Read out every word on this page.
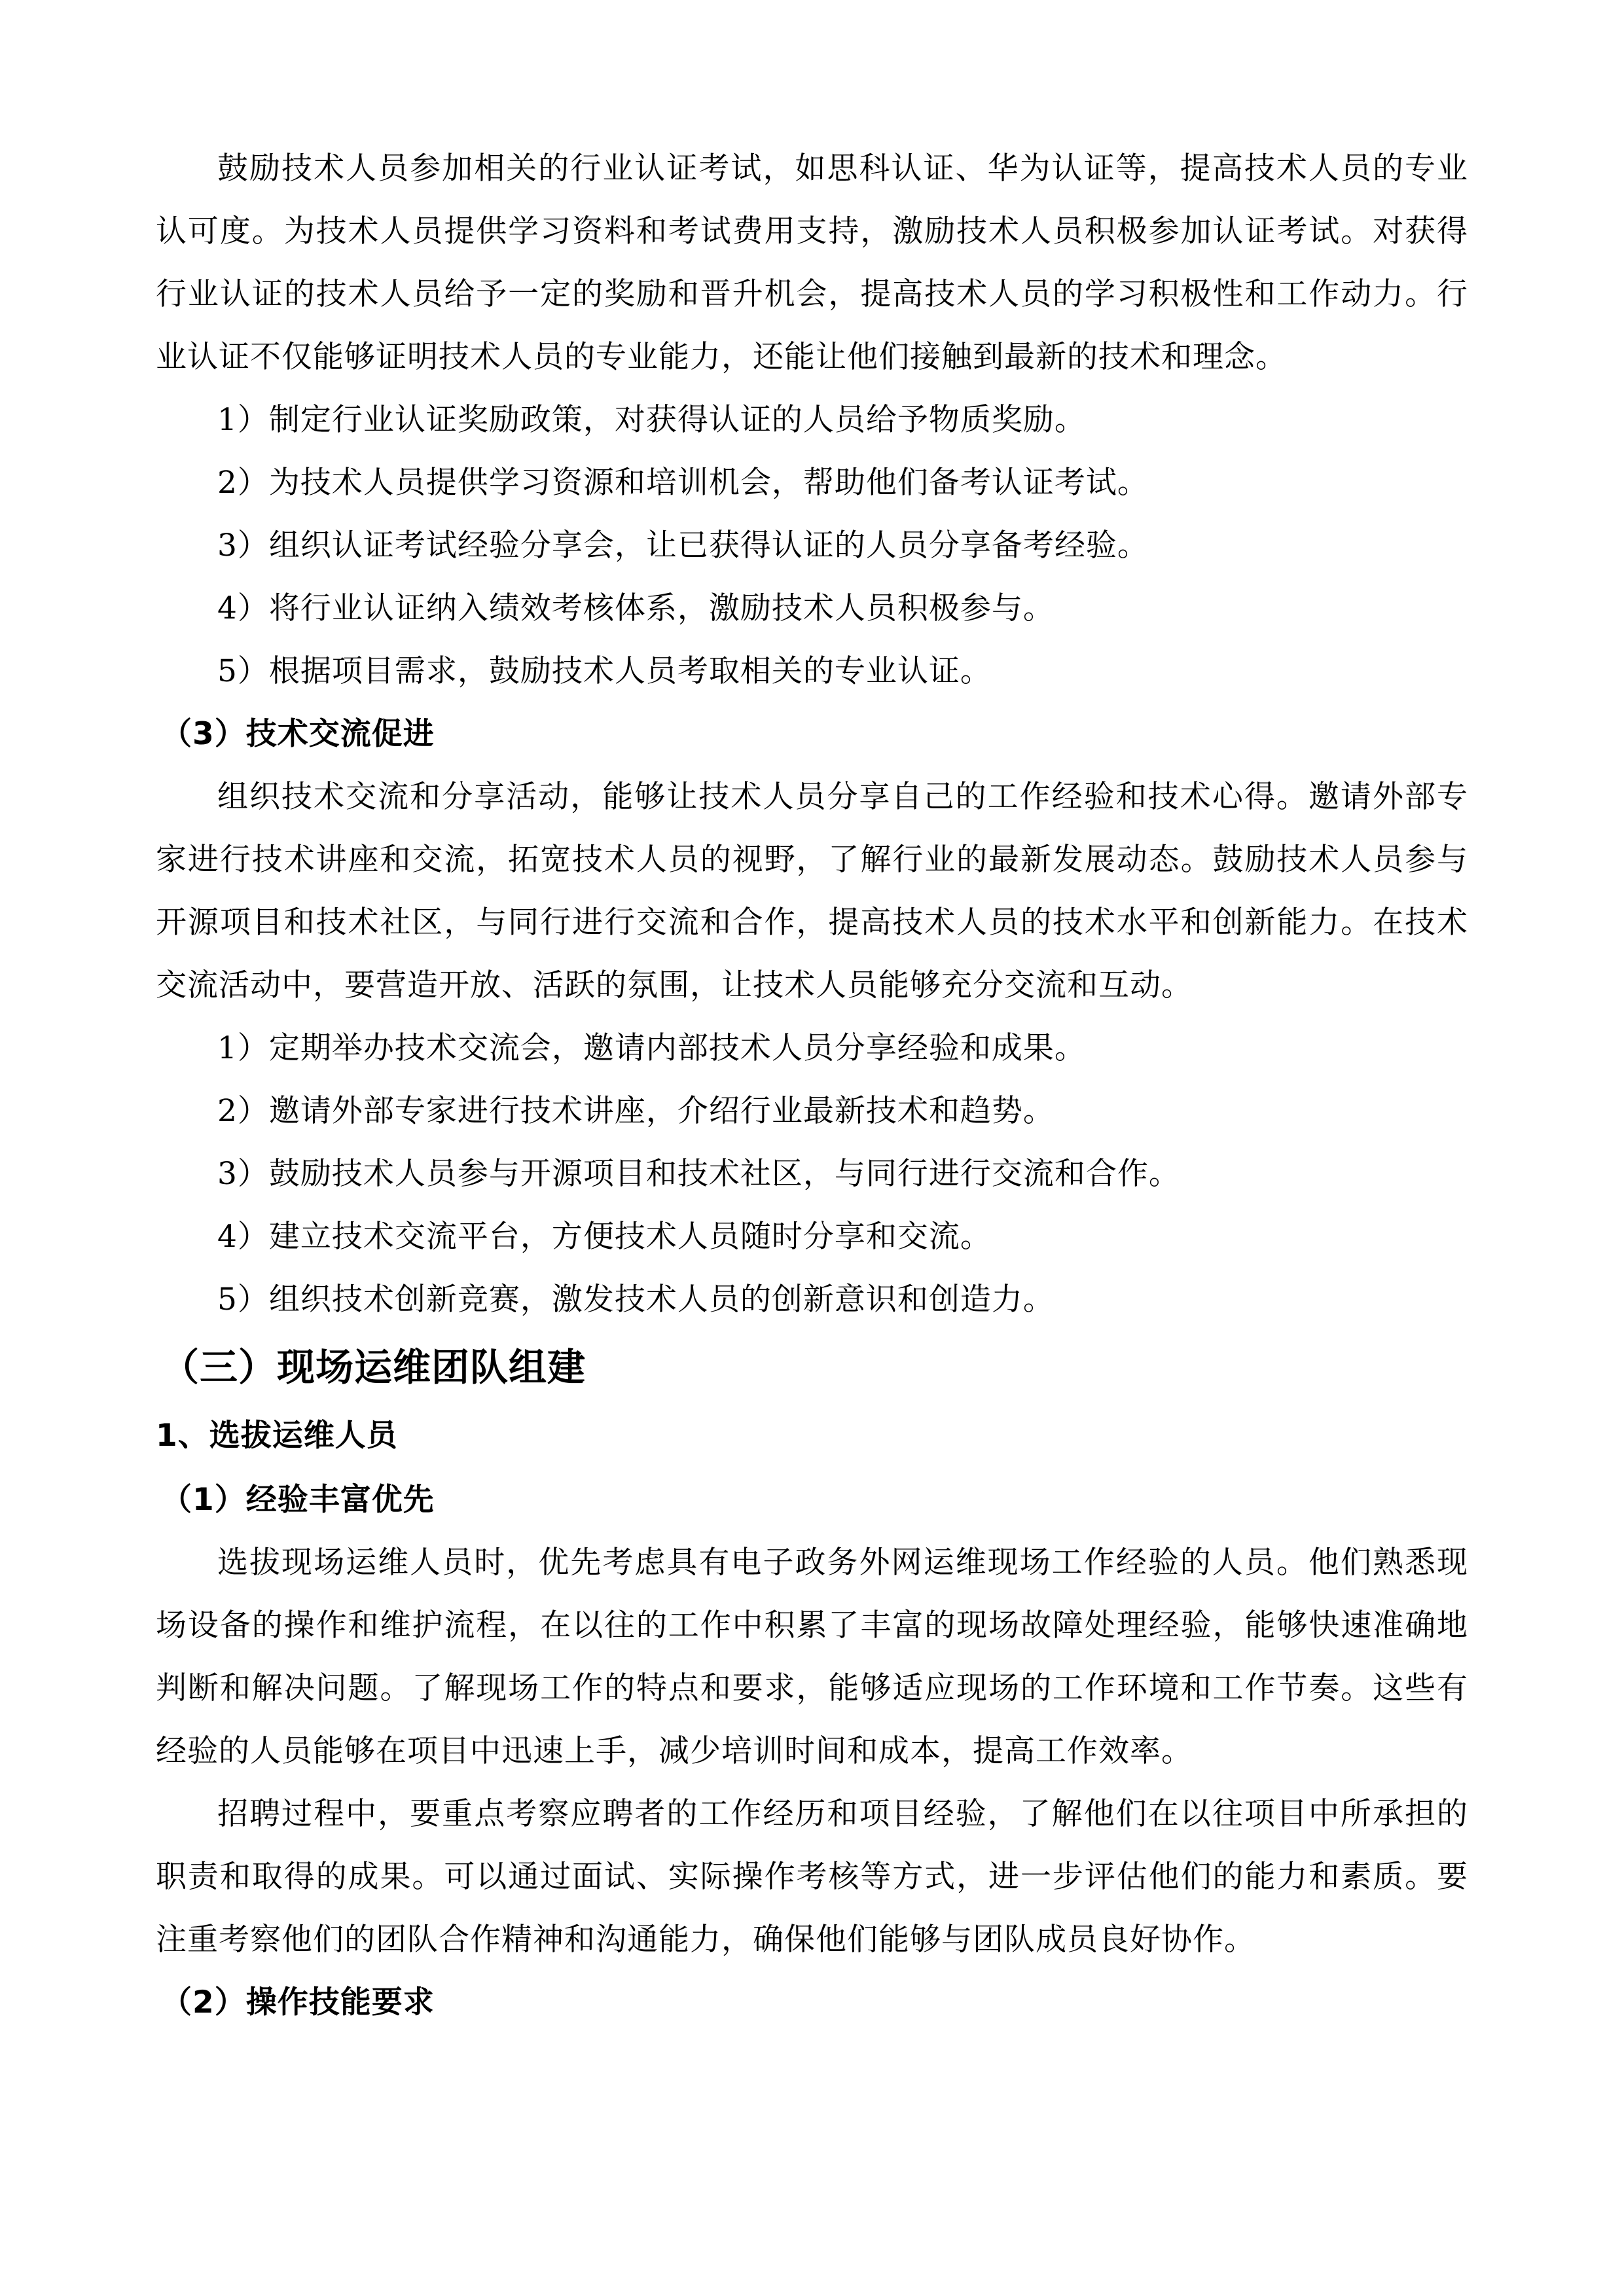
鼓励技术人员参加相关的行业认证考试，如思科认证、华为认证等，提高技术人员的专业认可度。为技术人员提供学习资料和考试费用支持，激励技术人员积极参加认证考试。对获得行业认证的技术人员给予一定的奖励和晋升机会，提高技术人员的学习积极性和工作动力。行业认证不仅能够证明技术人员的专业能力，还能让他们接触到最新的技术和理念。

1）制定行业认证奖励政策，对获得认证的人员给予物质奖励。

2）为技术人员提供学习资源和培训机会，帮助他们备考认证考试。

3）组织认证考试经验分享会，让已获得认证的人员分享备考经验。

4）将行业认证纳入绩效考核体系，激励技术人员积极参与。

5）根据项目需求，鼓励技术人员考取相关的专业认证。

（3）技术交流促进

组织技术交流和分享活动，能够让技术人员分享自己的工作经验和技术心得。邀请外部专家进行技术讲座和交流，拓宽技术人员的视野，了解行业的最新发展动态。鼓励技术人员参与开源项目和技术社区，与同行进行交流和合作，提高技术人员的技术水平和创新能力。在技术交流活动中，要营造开放、活跃的氛围，让技术人员能够充分交流和互动。

1）定期举办技术交流会，邀请内部技术人员分享经验和成果。

2）邀请外部专家进行技术讲座，介绍行业最新技术和趋势。

3）鼓励技术人员参与开源项目和技术社区，与同行进行交流和合作。

4）建立技术交流平台，方便技术人员随时分享和交流。

5）组织技术创新竞赛，激发技术人员的创新意识和创造力。

（三）现场运维团队组建
1、选拔运维人员
（1）经验丰富优先

选拔现场运维人员时，优先考虑具有电子政务外网运维现场工作经验的人员。他们熟悉现场设备的操作和维护流程，在以往的工作中积累了丰富的现场故障处理经验，能够快速准确地判断和解决问题。了解现场工作的特点和要求，能够适应现场的工作环境和工作节奏。这些有经验的人员能够在项目中迅速上手，减少培训时间和成本，提高工作效率。

招聘过程中，要重点考察应聘者的工作经历和项目经验，了解他们在以往项目中所承担的职责和取得的成果。可以通过面试、实际操作考核等方式，进一步评估他们的能力和素质。要注重考察他们的团队合作精神和沟通能力，确保他们能够与团队成员良好协作。

（2）操作技能要求
